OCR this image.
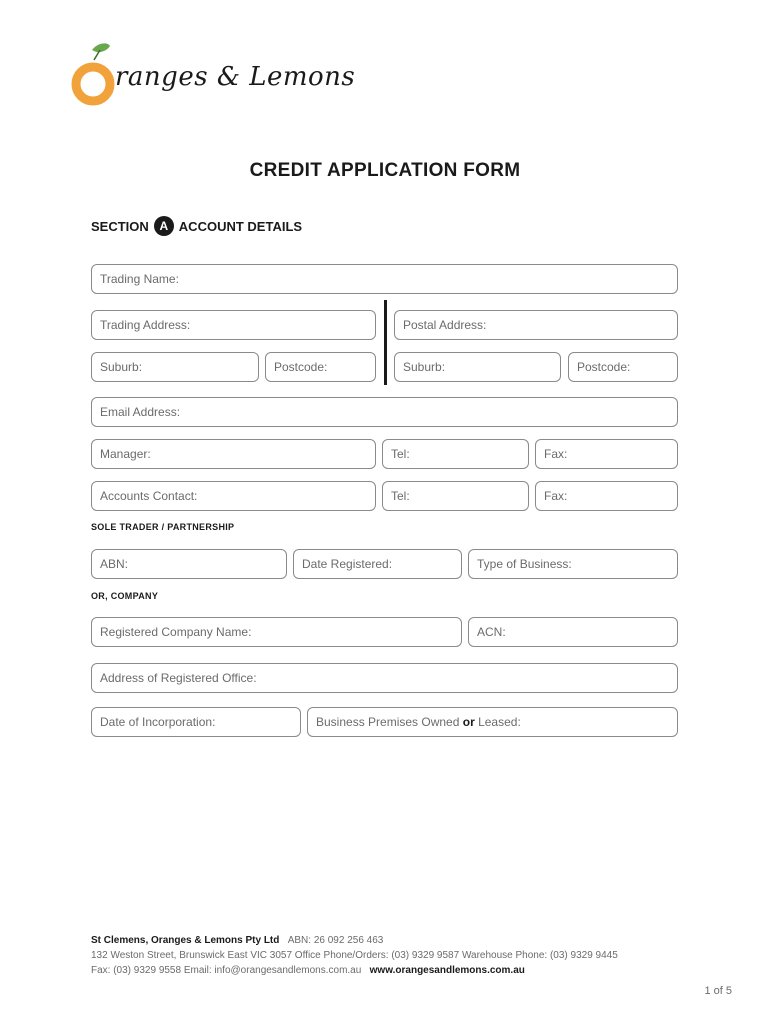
ranges & Lemons
CREDIT APPLICATION FORM
SECTION A ACCOUNT DETAILS
Trading Name:
Trading Address:	Postal Address:
Suburb:	Postcode:	Suburb:	Postcode:
Email Address:
Manager:	Tel:	Fax:
Accounts Contact:	Tel:	Fax:
SOLE TRADER / PARTNERSHIP
ABN:	Date Registered:	Type of Business:
OR, COMPANY
Registered Company Name:	ACN:
Address of Registered Office:
Date of Incorporation:	Business Premises Owned or Leased:
St Clemens, Oranges & Lemons Pty Ltd ABN: 26 092 256 463
132 Weston Street, Brunswick East VIC 3057 Office Phone/Orders: (03) 9329 9587 Warehouse Phone: (03) 9329 9445
Fax: (03) 9329 9558 Email: info@orangesandlemons.com.au www.orangesandlemons.com.au
1 of 5
